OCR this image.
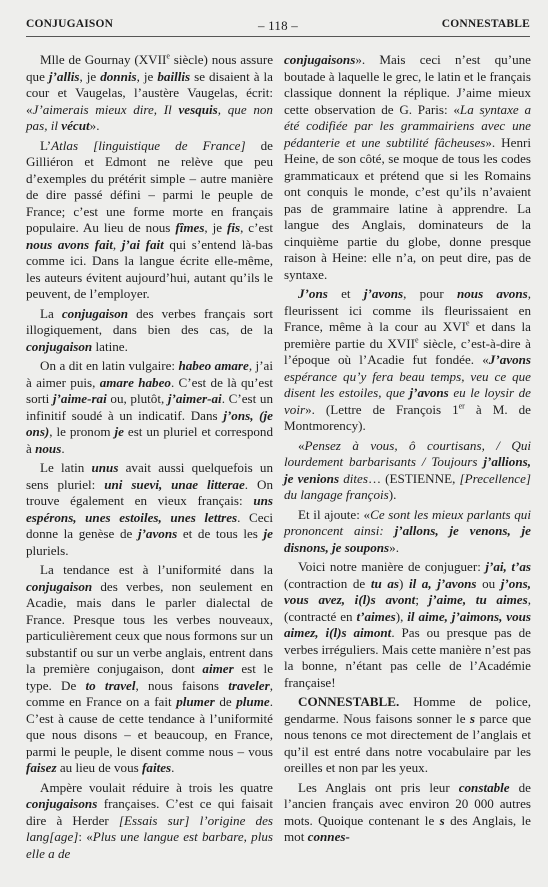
CONJUGAISON	– 118 –	CONNESTABLE

Mlle de Gournay (XVIIe siècle) nous assure que j’allis, je donnis, je baillis se disaient à la cour et Vaugelas, l’austère Vaugelas, écrit: «J’aimerais mieux dire, Il vesquis, que non pas, il vécut».

L’Atlas [linguistique de France] de Gilliéron et Edmont ne relève que peu d’exemples du prétérit simple – autre manière de dire passé défini – parmi le peuple de France; c’est une forme morte en français populaire. Au lieu de nous fîmes, je fis, c’est nous avons fait, j’ai fait qui s’entend là-bas comme ici. Dans la langue écrite elle-même, les auteurs évitent aujourd’hui, autant qu’ils le peuvent, de l’employer.

La conjugaison des verbes français sort illogiquement, dans bien des cas, de la conjugaison latine.

On a dit en latin vulgaire: habeo amare, j’ai à aimer puis, amare habeo. C’est de là qu’est sorti j’aime-rai ou, plutôt, j’aimer-ai. C’est un infinitif soudé à un indicatif. Dans j’ons, (je ons), le pronom je est un pluriel et correspond à nous.

Le latin unus avait aussi quelquefois un sens pluriel: uni suevi, unae litterae. On trouve également en vieux français: uns espérons, unes estoiles, unes lettres. Ceci donne la genèse de j’avons et de tous les je pluriels.

La tendance est à l’uniformité dans la conjugaison des verbes, non seulement en Acadie, mais dans le parler dialectal de France. Presque tous les verbes nouveaux, particulièrement ceux que nous formons sur un substantif ou sur un verbe anglais, entrent dans la première conjugaison, dont aimer est le type. De to travel, nous faisons traveler, comme en France on a fait plumer de plume. C’est à cause de cette tendance à l’uniformité que nous disons – et beaucoup, en France, parmi le peuple, le disent comme nous – vous faisez au lieu de vous faites.

Ampère voulait réduire à trois les quatre conjugaisons françaises. C’est ce qui faisait dire à Herder [Essais sur] l’origine des lang[age]: «Plus une langue est barbare, plus elle a de

conjugaisons». Mais ceci n’est qu’une boutade à laquelle le grec, le latin et le français classique donnent la réplique. J’aime mieux cette observation de G. Paris: «La syntaxe a été codifiée par les grammairiens avec une pédanterie et une subtilité fâcheuses». Henri Heine, de son côté, se moque de tous les codes grammaticaux et prétend que si les Romains ont conquis le monde, c’est qu’ils n’avaient pas de grammaire latine à apprendre. La langue des Anglais, dominateurs de la cinquième partie du globe, donne presque raison à Heine: elle n’a, on peut dire, pas de syntaxe.

J’ons et j’avons, pour nous avons, fleurissent ici comme ils fleurissaient en France, même à la cour au XVIe et dans la première partie du XVIIe siècle, c’est-à-dire à l’époque où l’Acadie fut fondée. «J’avons espérance qu’y fera beau temps, veu ce que disent les estoiles, que j’avons eu le loysir de voir». (Lettre de François 1er à M. de Montmorency).

«Pensez à vous, ô courtisans, / Qui lourdement barbarisants / Toujours j’allions, je venions dites… (ESTIENNE, [Precellence] du langage françois).

Et il ajoute: «Ce sont les mieux parlants qui prononcent ainsi: j’allons, je venons, je disnons, je soupons».

Voici notre manière de conjuguer: j’ai, t’as (contraction de tu as) il a, j’avons ou j’ons, vous avez, i(l)s avont; j’aime, tu aimes, (contracté en t’aimes), il aime, j’aimons, vous aimez, i(l)s aimont. Pas ou presque pas de verbes irréguliers. Mais cette manière n’est pas la bonne, n’étant pas celle de l’Académie française!

CONNESTABLE. Homme de police, gendarme. Nous faisons sonner le s parce que nous tenons ce mot directement de l’anglais et qu’il est entré dans notre vocabulaire par les oreilles et non par les yeux.

Les Anglais ont pris leur constable de l’ancien français avec environ 20 000 autres mots. Quoique contenant le s des Anglais, le mot connes-
